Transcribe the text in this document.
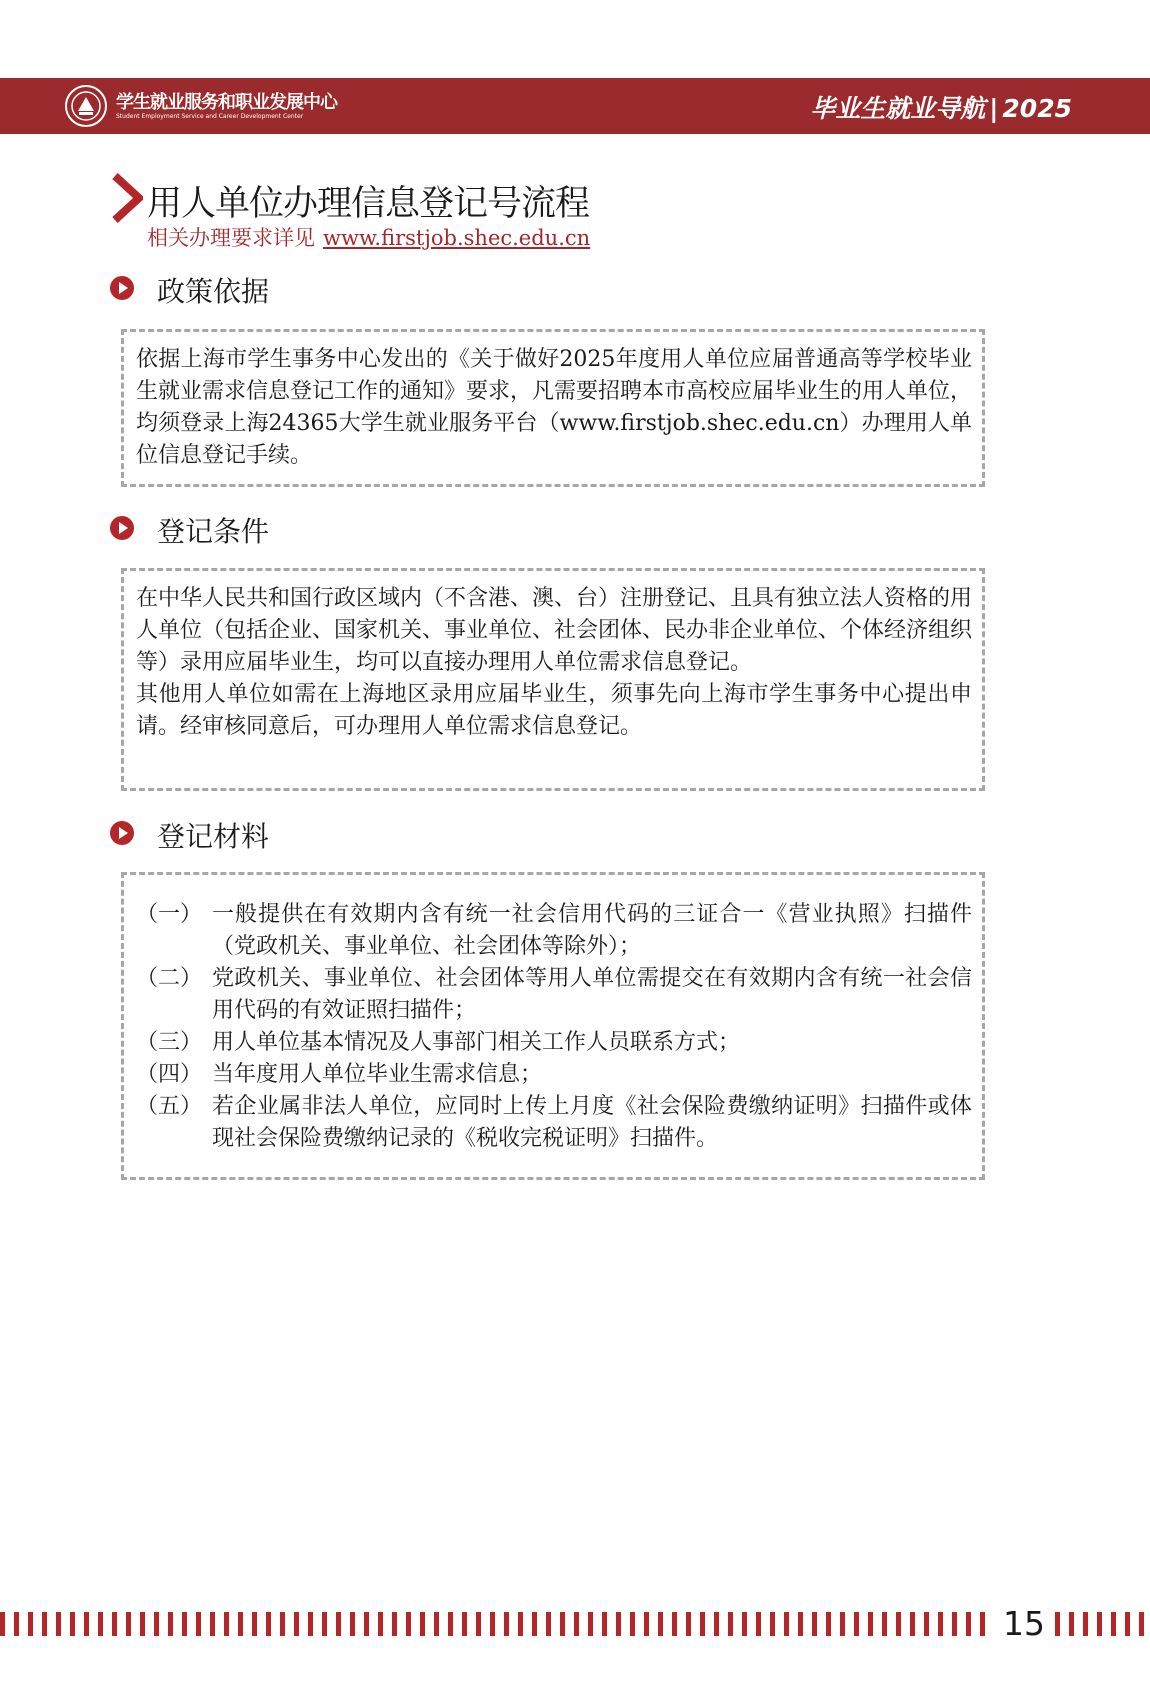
学生就业服务和职业发展中心
Student Employment Service and Career Development Center	毕业生就业导航 | 2025
用人单位办理信息登记号流程
相关办理要求详见 www.firstjob.shec.edu.cn
政策依据

依据上海市学生事务中心发出的《关于做好2025年度用人单位应届普通高等学校毕业生就业需求信息登记工作的通知》要求，凡需要招聘本市高校应届毕业生的用人单位，均须登录上海24365大学生就业服务平台（www.firstjob.shec.edu.cn）办理用人单位信息登记手续。

登记条件

在中华人民共和国行政区域内（不含港、澳、台）注册登记、且具有独立法人资格的用人单位（包括企业、国家机关、事业单位、社会团体、民办非企业单位、个体经济组织等）录用应届毕业生，均可以直接办理用人单位需求信息登记。

其他用人单位如需在上海地区录用应届毕业生，须事先向上海市学生事务中心提出申请。经审核同意后，可办理用人单位需求信息登记。

登记材料
（一） 一般提供在有效期内含有统一社会信用代码的三证合一《营业执照》扫描件（党政机关、事业单位、社会团体等除外）；
（二） 党政机关、事业单位、社会团体等用人单位需提交在有效期内含有统一社会信用代码的有效证照扫描件；
（三） 用人单位基本情况及人事部门相关工作人员联系方式；
（四） 当年度用人单位毕业生需求信息；
（五） 若企业属非法人单位，应同时上传上月度《社会保险费缴纳证明》扫描件或体现社会保险费缴纳记录的《税收完税证明》扫描件。
15
